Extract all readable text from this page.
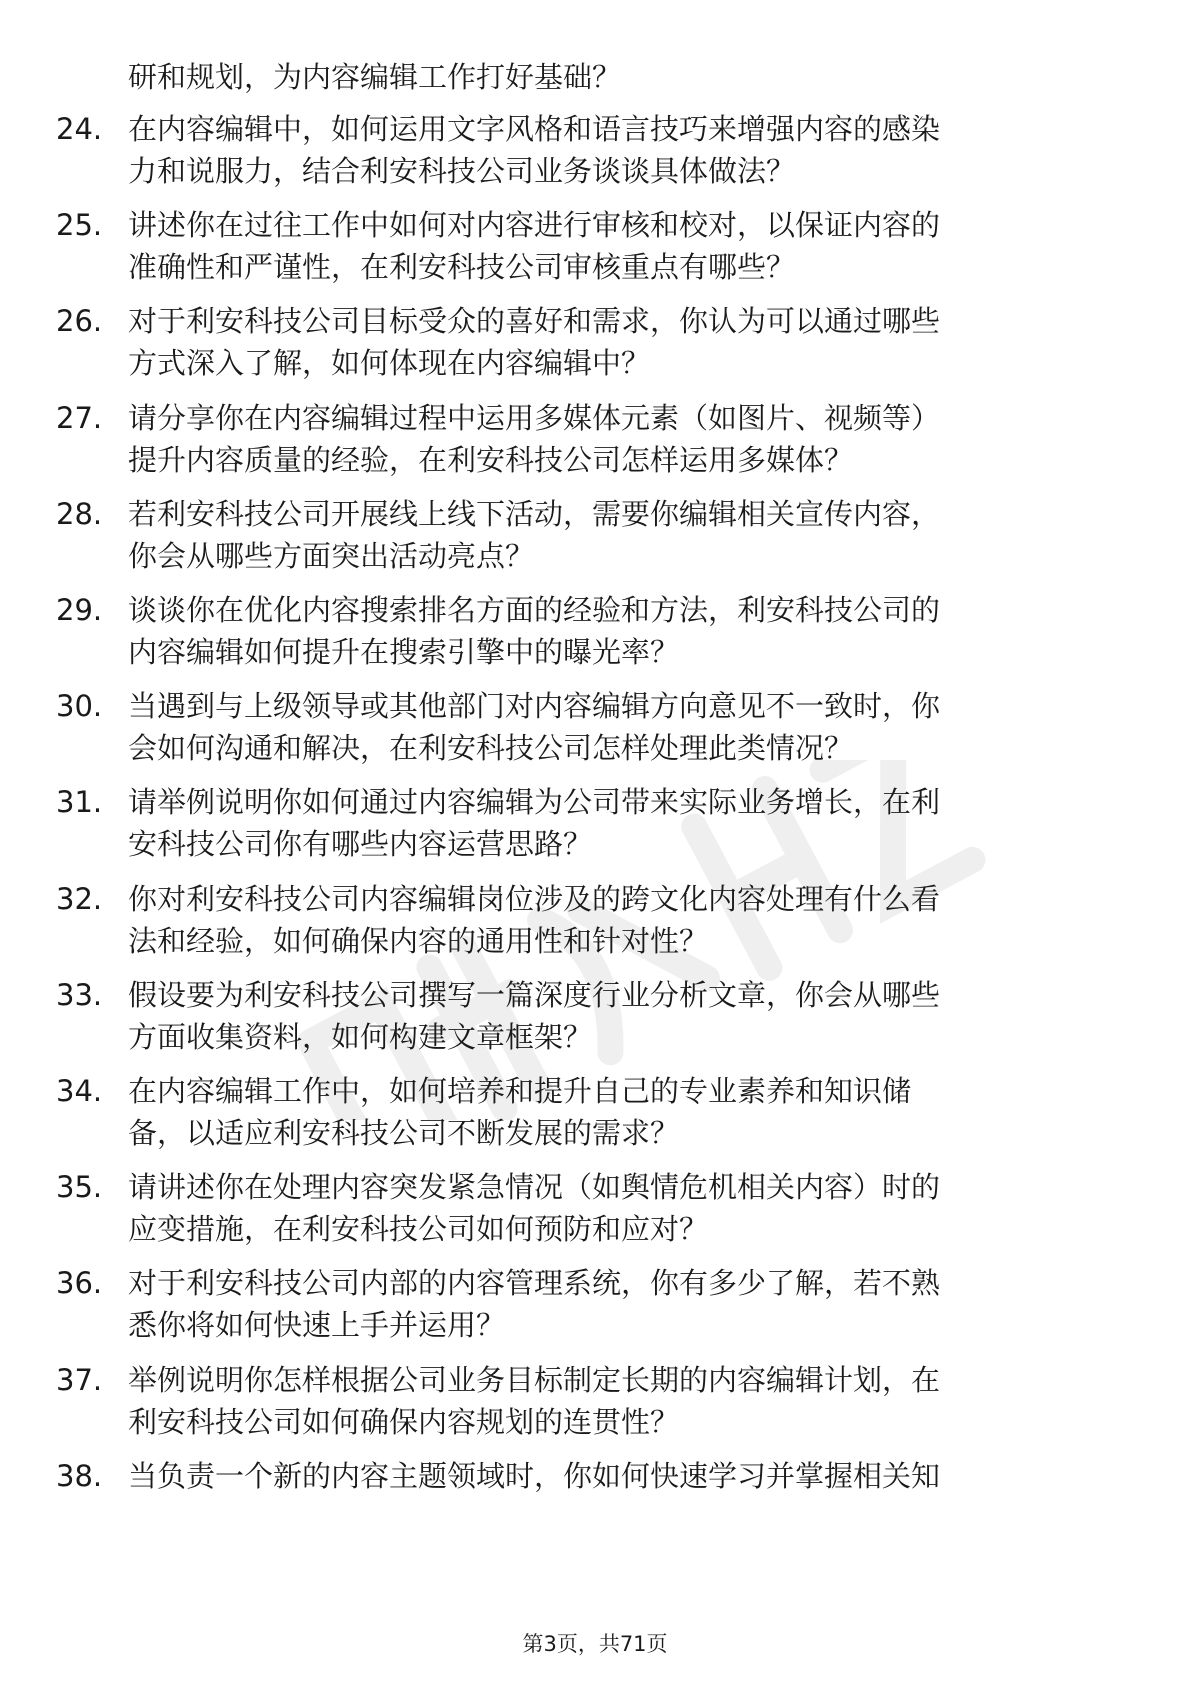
研和规划，为内容编辑工作打好基础？
24. 在内容编辑中，如何运用文字风格和语言技巧来增强内容的感染
力和说服力，结合利安科技公司业务谈谈具体做法？
25. 讲述你在过往工作中如何对内容进行审核和校对，以保证内容的
准确性和严谨性，在利安科技公司审核重点有哪些？
26. 对于利安科技公司目标受众的喜好和需求，你认为可以通过哪些
方式深入了解，如何体现在内容编辑中？
27. 请分享你在内容编辑过程中运用多媒体元素（如图片、视频等）
提升内容质量的经验，在利安科技公司怎样运用多媒体？
28. 若利安科技公司开展线上线下活动，需要你编辑相关宣传内容，
你会从哪些方面突出活动亮点？
29. 谈谈你在优化内容搜索排名方面的经验和方法，利安科技公司的
内容编辑如何提升在搜索引擎中的曝光率？
30. 当遇到与上级领导或其他部门对内容编辑方向意见不一致时，你
会如何沟通和解决，在利安科技公司怎样处理此类情况？
31. 请举例说明你如何通过内容编辑为公司带来实际业务增长，在利
安科技公司你有哪些内容运营思路？
32. 你对利安科技公司内容编辑岗位涉及的跨文化内容处理有什么看
法和经验，如何确保内容的通用性和针对性？
33. 假设要为利安科技公司撰写一篇深度行业分析文章，你会从哪些
方面收集资料，如何构建文章框架？
34. 在内容编辑工作中，如何培养和提升自己的专业素养和知识储
备，以适应利安科技公司不断发展的需求？
35. 请讲述你在处理内容突发紧急情况（如舆情危机相关内容）时的
应变措施，在利安科技公司如何预防和应对？
36. 对于利安科技公司内部的内容管理系统，你有多少了解，若不熟
悉你将如何快速上手并运用？
37. 举例说明你怎样根据公司业务目标制定长期的内容编辑计划，在
利安科技公司如何确保内容规划的连贯性？
38. 当负责一个新的内容主题领域时，你如何快速学习并掌握相关知
第3页，共71页
